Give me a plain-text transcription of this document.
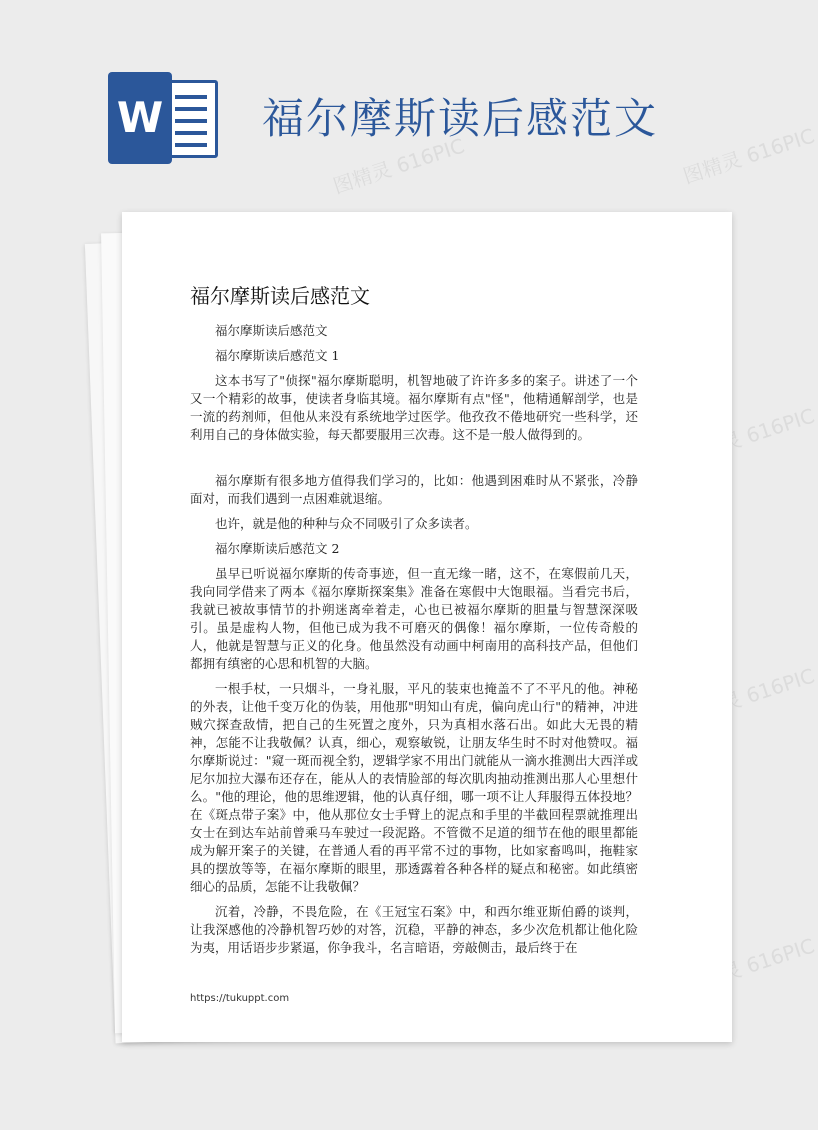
W 福尔摩斯读后感范文
图精灵 616PIC	图精灵 616PIC
图精灵 616PIC
图精灵 616PIC
图精灵 616PIC
福尔摩斯读后感范文

福尔摩斯读后感范文

福尔摩斯读后感范文 1

这本书写了"侦探"福尔摩斯聪明，机智地破了许许多多的案子。讲述了一个又一个精彩的故事，使读者身临其境。福尔摩斯有点"怪"，他精通解剖学，也是一流的药剂师，但他从来没有系统地学过医学。他孜孜不倦地研究一些科学，还利用自己的身体做实验，每天都要服用三次毒。这不是一般人做得到的。

福尔摩斯有很多地方值得我们学习的，比如：他遇到困难时从不紧张，冷静面对，而我们遇到一点困难就退缩。

也许，就是他的种种与众不同吸引了众多读者。

福尔摩斯读后感范文 2

虽早已听说福尔摩斯的传奇事迹，但一直无缘一睹，这不，在寒假前几天，我向同学借来了两本《福尔摩斯探案集》准备在寒假中大饱眼福。当看完书后，我就已被故事情节的扑朔迷离牵着走，心也已被福尔摩斯的胆量与智慧深深吸引。虽是虚构人物，但他已成为我不可磨灭的偶像！福尔摩斯，一位传奇般的人，他就是智慧与正义的化身。他虽然没有动画中柯南用的高科技产品，但他们都拥有缜密的心思和机智的大脑。

一根手杖，一只烟斗，一身礼服，平凡的装束也掩盖不了不平凡的他。神秘的外表，让他千变万化的伪装，用他那"明知山有虎，偏向虎山行"的精神，冲进贼穴探查敌情，把自己的生死置之度外，只为真相水落石出。如此大无畏的精神，怎能不让我敬佩？认真，细心，观察敏锐，让朋友华生时不时对他赞叹。福尔摩斯说过："窥一斑而视全豹，逻辑学家不用出门就能从一滴水推测出大西洋或尼尔加拉大瀑布还存在，能从人的表情脸部的每次肌肉抽动推测出那人心里想什么。"他的理论，他的思维逻辑，他的认真仔细，哪一项不让人拜服得五体投地？在《斑点带子案》中，他从那位女士手臂上的泥点和手里的半截回程票就推理出女士在到达车站前曾乘马车驶过一段泥路。不管微不足道的细节在他的眼里都能成为解开案子的关键，在普通人看的再平常不过的事物，比如家畜鸣叫，拖鞋家具的摆放等等，在福尔摩斯的眼里，那透露着各种各样的疑点和秘密。如此缜密细心的品质，怎能不让我敬佩？

沉着，冷静，不畏危险，在《王冠宝石案》中，和西尔维亚斯伯爵的谈判，让我深感他的冷静机智巧妙的对答，沉稳，平静的神态，多少次危机都让他化险为夷，用话语步步紧逼，你争我斗，名言暗语，旁敲侧击，最后终于在

https://tukuppt.com
